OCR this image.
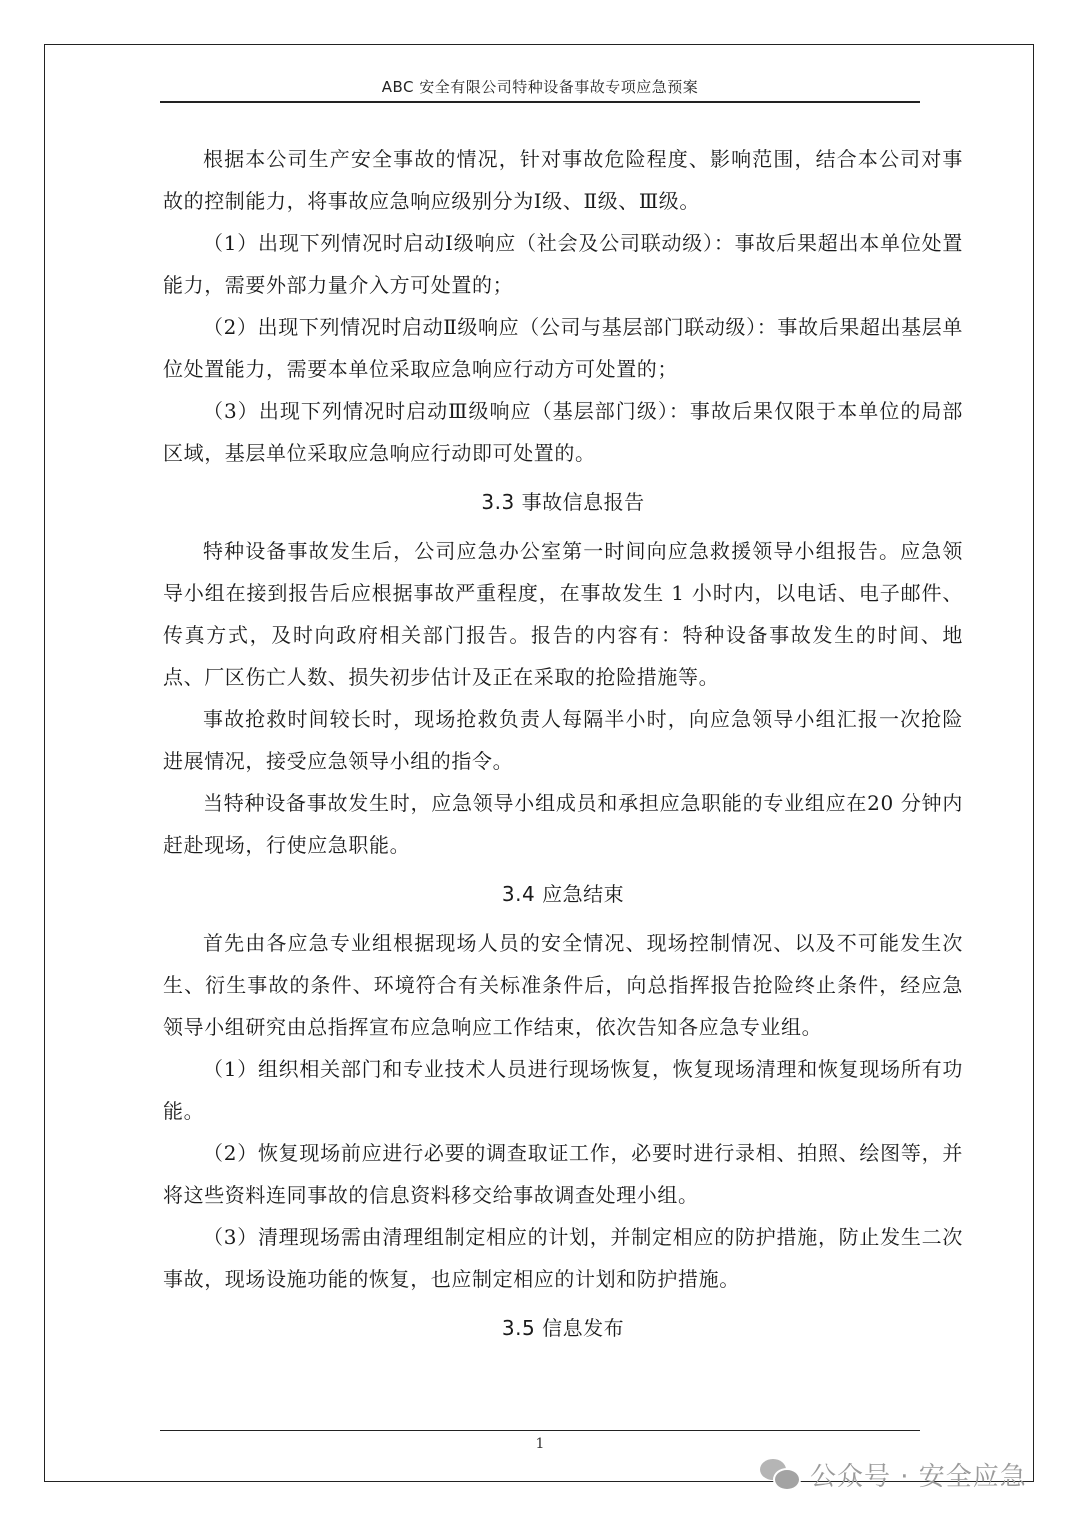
ABC 安全有限公司特种设备事故专项应急预案

根据本公司生产安全事故的情况，针对事故危险程度、影响范围，结合本公司对事故的控制能力，将事故应急响应级别分为Ⅰ级、Ⅱ级、Ⅲ级。

（1）出现下列情况时启动Ⅰ级响应（社会及公司联动级）：事故后果超出本单位处置能力，需要外部力量介入方可处置的；

（2）出现下列情况时启动Ⅱ级响应（公司与基层部门联动级）：事故后果超出基层单位处置能力，需要本单位采取应急响应行动方可处置的；

（3）出现下列情况时启动Ⅲ级响应（基层部门级）：事故后果仅限于本单位的局部区域，基层单位采取应急响应行动即可处置的。

3.3 事故信息报告

特种设备事故发生后，公司应急办公室第一时间向应急救援领导小组报告。应急领导小组在接到报告后应根据事故严重程度，在事故发生 1 小时内，以电话、电子邮件、传真方式，及时向政府相关部门报告。报告的内容有：特种设备事故发生的时间、地点、厂区伤亡人数、损失初步估计及正在采取的抢险措施等。

事故抢救时间较长时，现场抢救负责人每隔半小时，向应急领导小组汇报一次抢险进展情况，接受应急领导小组的指令。

当特种设备事故发生时，应急领导小组成员和承担应急职能的专业组应在20 分钟内赶赴现场，行使应急职能。

3.4 应急结束

首先由各应急专业组根据现场人员的安全情况、现场控制情况、以及不可能发生次生、衍生事故的条件、环境符合有关标准条件后，向总指挥报告抢险终止条件，经应急领导小组研究由总指挥宣布应急响应工作结束，依次告知各应急专业组。

（1）组织相关部门和专业技术人员进行现场恢复，恢复现场清理和恢复现场所有功能。

（2）恢复现场前应进行必要的调查取证工作，必要时进行录相、拍照、绘图等，并将这些资料连同事故的信息资料移交给事故调查处理小组。

（3）清理现场需由清理组制定相应的计划，并制定相应的防护措施，防止发生二次事故，现场设施功能的恢复，也应制定相应的计划和防护措施。

3.5 信息发布
1
公众号 · 安全应急
